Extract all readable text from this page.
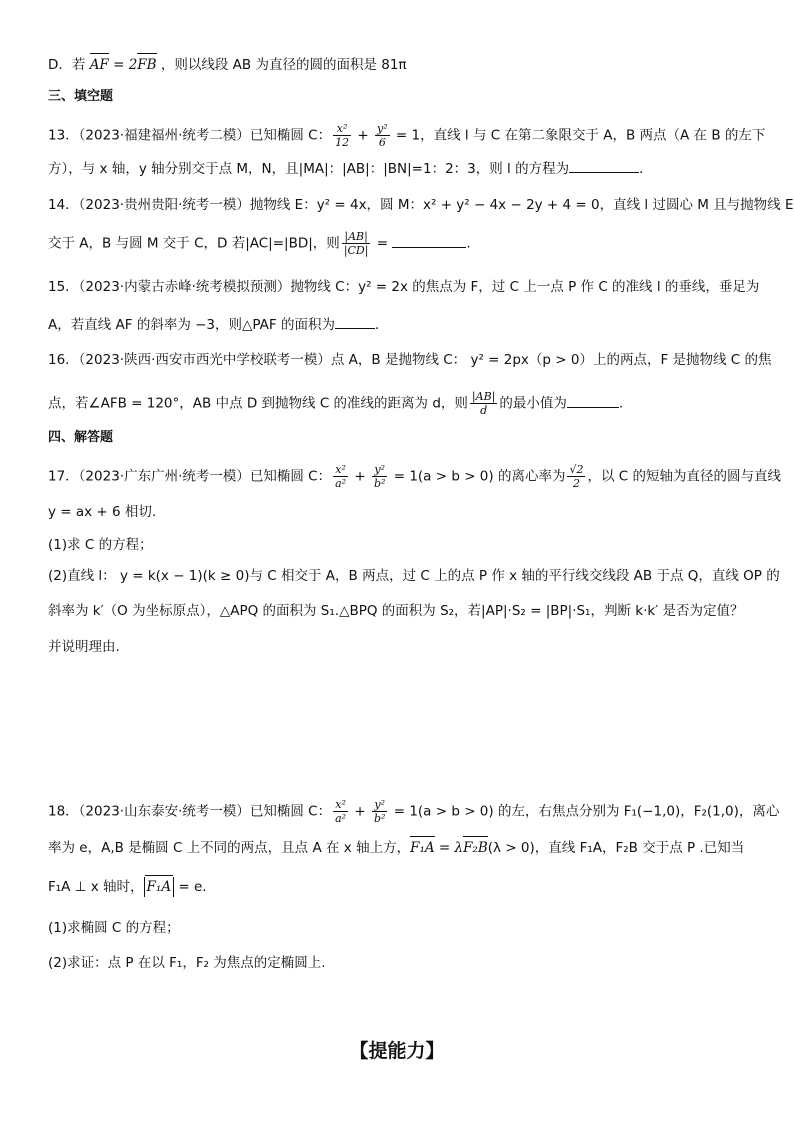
D．若 AF = 2FB ，则以线段 AB 为直径的圆的面积是 81π
三、填空题
13．（2023·福建福州·统考二模）已知椭圆 C： $\frac{\text{x²}}{12} + \frac{\text{y²}}{6} = 1$，直线 l 与 C 在第二象限交于 A，B 两点（A 在 B 的左下
方），与 x 轴，y 轴分别交于点 M，N，且|MA|：|AB|：|BN|=1：2：3，则 l 的方程为	．
14．（2023·贵州贵阳·统考一模）抛物线 E：y² = 4x，圆 M：x² + y² − 4x − 2y + 4 = 0，直线 l 过圆心 M 且与抛物线 E
交于 A，B 与圆 M 交于 C，D 若|AC|=|BD|，则 $\frac{|AB|}{|CD|}$ =	.
15．（2023·内蒙古赤峰·统考模拟预测）抛物线 C：y² = 2x 的焦点为 F，过 C 上一点 P 作 C 的准线 l 的垂线，垂足为
A，若直线 AF 的斜率为 −3，则△PAF 的面积为	．
16．（2023·陕西·西安市西光中学校联考一模）点 A，B 是抛物线 C： y² = 2px（p > 0）上的两点，F 是抛物线 C 的焦
点，若∠AFB = 120°，AB 中点 D 到抛物线 C 的准线的距离为 d，则 $\frac{|AB|}{d}$ 的最小值为	.
四、解答题
17．（2023·广东广州·统考一模）已知椭圆 C： $\frac{\text{x²}}{\text{a²}} + \frac{\text{y²}}{\text{b²}} = 1(a > b > 0)$ 的离心率为 $\frac{√2}{2}$ ，以 C 的短轴为直径的圆与直线
y = ax + 6 相切.
(1)求 C 的方程；
(2)直线 l： y = k(x − 1)(k ≥ 0)与 C 相交于 A，B 两点，过 C 上的点 P 作 x 轴的平行线交线段 AB 于点 Q，直线 OP 的
斜率为 k′（O 为坐标原点），△APQ 的面积为 S₁.△BPQ 的面积为 S₂，若|AP|·S₂ = |BP|·S₁，判断 k·k′ 是否为定值？
并说明理由.
18．（2023·山东泰安·统考一模）已知椭圆 C： $\frac{\text{x²}}{\text{a²}} + \frac{\text{y²}}{\text{b²}} = 1(a > b > 0)$ 的左，右焦点分别为 F₁(−1,0)，F₂(1,0)，离心
率为 e，A,B 是椭圆 C 上不同的两点，且点 A 在 x 轴上方，F₁A = λF₂B(λ > 0)，直线 F₁A，F₂B 交于点 P .已知当
F₁A ⊥ x 轴时， F₁A = e.
(1)求椭圆 C 的方程；
(2)求证：点 P 在以 F₁，F₂ 为焦点的定椭圆上.
【提能力】
